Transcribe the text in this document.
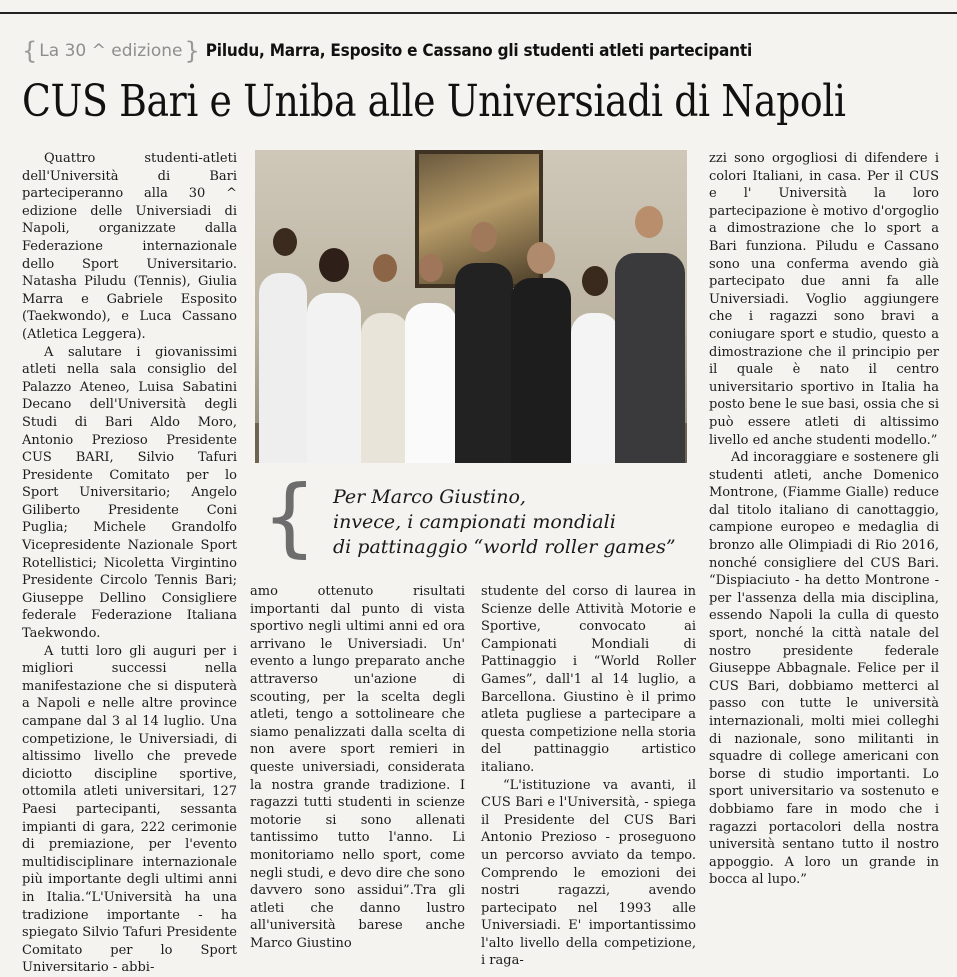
{ La 30 ^ edizione } Piludu, Marra, Esposito e Cassano gli studenti atleti partecipanti
CUS Bari e Uniba alle Universiadi di Napoli

Quattro studenti-atleti dell'Università di Bari parteciperanno alla 30 ^ edizione delle Universiadi di Napoli, organizzate dalla Federazione internazionale dello Sport Universitario. Natasha Piludu (Tennis), Giulia Marra e Gabriele Esposito (Taekwondo), e Luca Cassano (Atletica Leggera).

A salutare i giovanissimi atleti nella sala consiglio del Palazzo Ateneo, Luisa Sabatini Decano dell'Università degli Studi di Bari Aldo Moro, Antonio Prezioso Presidente CUS BARI, Silvio Tafuri Presidente Comitato per lo Sport Universitario; Angelo Giliberto Presidente Coni Puglia; Michele Grandolfo Vicepresidente Nazionale Sport Rotellistici; Nicoletta Virgintino Presidente Circolo Tennis Bari; Giuseppe Dellino Consigliere federale Federazione Italiana Taekwondo.

A tutti loro gli auguri per i migliori successi nella manifestazione che si disputerà a Napoli e nelle altre province campane dal 3 al 14 luglio. Una competizione, le Universiadi, di altissimo livello che prevede diciotto discipline sportive, ottomila atleti universitari, 127 Paesi partecipanti, sessanta impianti di gara, 222 cerimonie di premiazione, per l'evento multidisciplinare internazionale più importante degli ultimi anni in Italia.“L'Università ha una tradizione importante - ha spiegato Silvio Tafuri Presidente Comitato per lo Sport Universitario - abbi-

{ Per Marco Giustino,
invece, i campionati mondiali
di pattinaggio “world roller games”

amo ottenuto risultati importanti dal punto di vista sportivo negli ultimi anni ed ora arrivano le Universiadi. Un' evento a lungo preparato anche attraverso un'azione di scouting, per la scelta degli atleti, tengo a sottolineare che siamo penalizzati dalla scelta di non avere sport remieri in queste universiadi, considerata la nostra grande tradizione. I ragazzi tutti studenti in scienze motorie si sono allenati tantissimo tutto l'anno. Li monitoriamo nello sport, come negli studi, e devo dire che sono davvero sono assidui”.Tra gli atleti che danno lustro all'università barese anche Marco Giustino

studente del corso di laurea in Scienze delle Attività Motorie e Sportive, convocato ai Campionati Mondiali di Pattinaggio i “World Roller Games”, dall'1 al 14 luglio, a Barcellona. Giustino è il primo atleta pugliese a partecipare a questa competizione nella storia del pattinaggio artistico italiano.

“L'istituzione va avanti, il CUS Bari e l'Università, - spiega il Presidente del CUS Bari Antonio Prezioso - proseguono un percorso avviato da tempo. Comprendo le emozioni dei nostri ragazzi, avendo partecipato nel 1993 alle Universiadi. E' importantissimo l'alto livello della competizione, i raga-

zzi sono orgogliosi di difendere i colori Italiani, in casa. Per il CUS e l' Università la loro partecipazione è motivo d'orgoglio a dimostrazione che lo sport a Bari funziona. Piludu e Cassano sono una conferma avendo già partecipato due anni fa alle Universiadi. Voglio aggiungere che i ragazzi sono bravi a coniugare sport e studio, questo a dimostrazione che il principio per il quale è nato il centro universitario sportivo in Italia ha posto bene le sue basi, ossia che si può essere atleti di altissimo livello ed anche studenti modello.”

Ad incoraggiare e sostenere gli studenti atleti, anche Domenico Montrone, (Fiamme Gialle) reduce dal titolo italiano di canottaggio, campione europeo e medaglia di bronzo alle Olimpiadi di Rio 2016, nonché consigliere del CUS Bari. “Dispiaciuto - ha detto Montrone - per l'assenza della mia disciplina, essendo Napoli la culla di questo sport, nonché la città natale del nostro presidente federale Giuseppe Abbagnale. Felice per il CUS Bari, dobbiamo metterci al passo con tutte le università internazionali, molti miei colleghi di nazionale, sono militanti in squadre di college americani con borse di studio importanti. Lo sport universitario va sostenuto e dobbiamo fare in modo che i ragazzi portacolori della nostra università sentano tutto il nostro appoggio. A loro un grande in bocca al lupo.”
